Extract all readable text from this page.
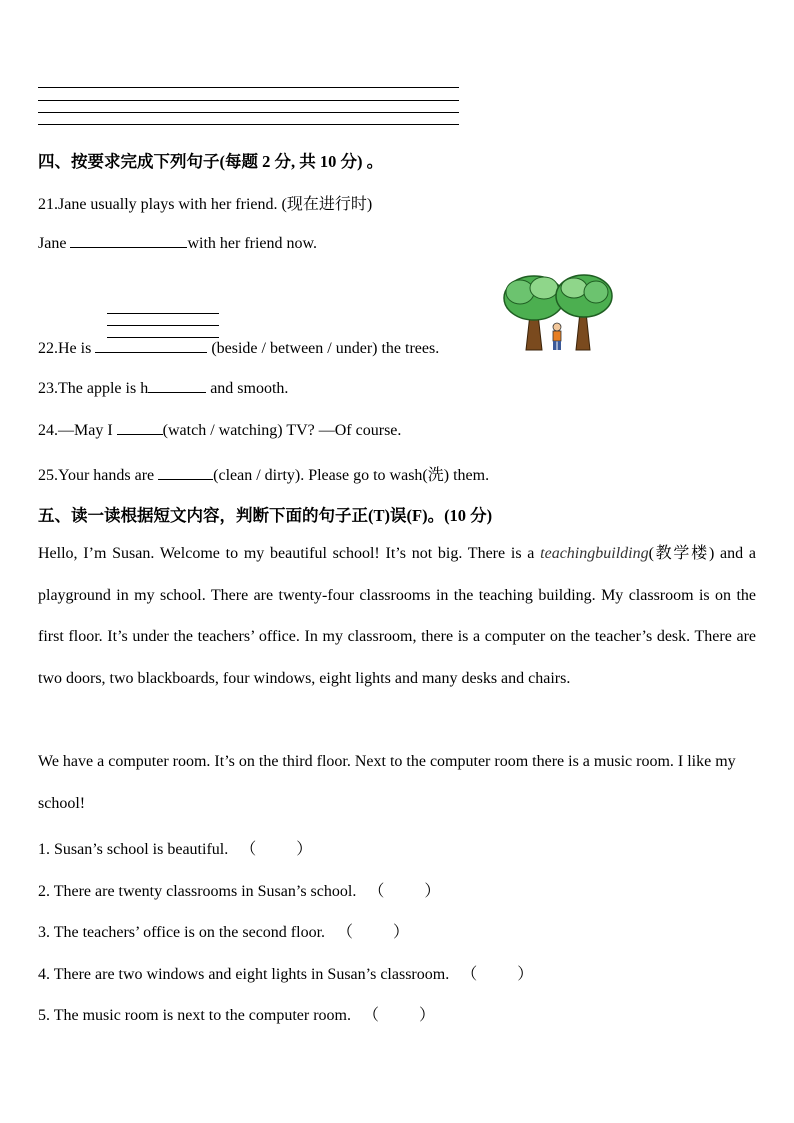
四、按要求完成下列句子(每题 2 分, 共 10 分) 。
21.Jane usually plays with her friend. (现在进行时)
Jane	with her friend now.
22.He is	(beside / between / under) the trees.
23.The apple is h	and smooth.
24.—May I	(watch / watching) TV? —Of course.
25.Your hands are	(clean / dirty). Please go to wash(洗) them.
五、读一读根据短文内容，判断下面的句子正(T)误(F)。(10 分)
Hello, I’m Susan. Welcome to my beautiful school! It’s not big. There is a teachingbuilding(教学楼) and a playground in my school. There are twenty-four classrooms in the teaching building. My classroom is on the first floor. It’s under the teachers’ office. In my classroom, there is a computer on the teacher’s desk. There are two doors, two blackboards, four windows, eight lights and many desks and chairs.
We have a computer room. It’s on the third floor. Next to the computer room there is a music room. I like my school!
1. Susan’s school is beautiful. （	）
2. There are twenty classrooms in Susan’s school. （	）
3. The teachers’ office is on the second floor. （	）
4. There are two windows and eight lights in Susan’s classroom. （	）
5. The music room is next to the computer room. （	）
